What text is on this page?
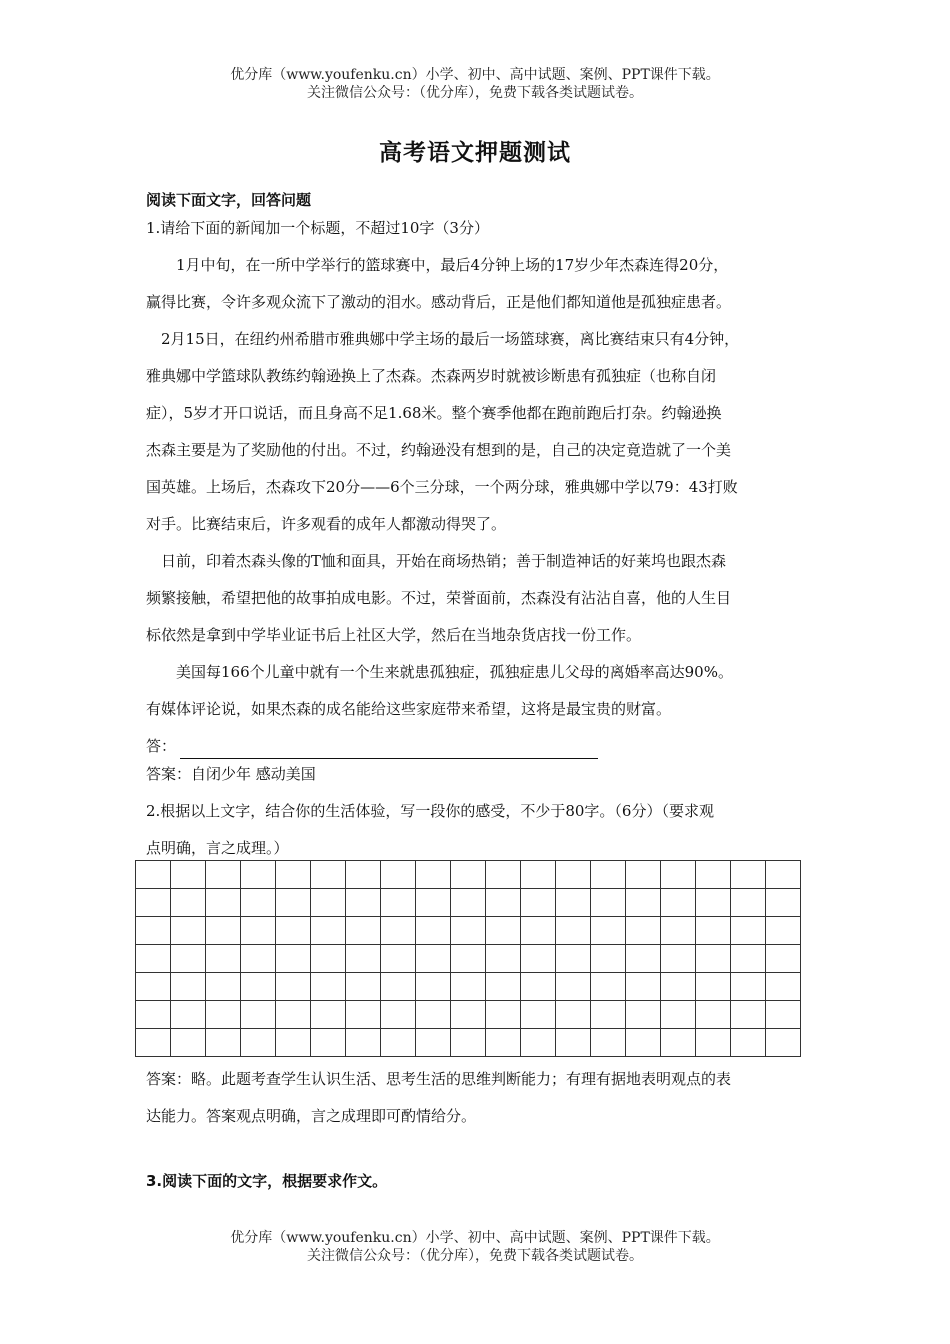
优分库（www.youfenku.cn）小学、初中、高中试题、案例、PPT课件下载。
关注微信公众号：（优分库），免费下载各类试题试卷。
高考语文押题测试
阅读下面文字，回答问题
1.请给下面的新闻加一个标题，不超过10字（3分）
1月中旬，在一所中学举行的篮球赛中，最后4分钟上场的17岁少年杰森连得20分，
赢得比赛，令许多观众流下了激动的泪水。感动背后，正是他们都知道他是孤独症患者。
2月15日，在纽约州希腊市雅典娜中学主场的最后一场篮球赛，离比赛结束只有4分钟，
雅典娜中学篮球队教练约翰逊换上了杰森。杰森两岁时就被诊断患有孤独症（也称自闭
症），5岁才开口说话，而且身高不足1.68米。整个赛季他都在跑前跑后打杂。约翰逊换
杰森主要是为了奖励他的付出。不过，约翰逊没有想到的是，自己的决定竟造就了一个美
国英雄。上场后，杰森攻下20分——6个三分球，一个两分球，雅典娜中学以79：43打败
对手。比赛结束后，许多观看的成年人都激动得哭了。
日前，印着杰森头像的T恤和面具，开始在商场热销；善于制造神话的好莱坞也跟杰森
频繁接触，希望把他的故事拍成电影。不过，荣誉面前，杰森没有沾沾自喜，他的人生目
标依然是拿到中学毕业证书后上社区大学，然后在当地杂货店找一份工作。
美国每166个儿童中就有一个生来就患孤独症，孤独症患儿父母的离婚率高达90%。
有媒体评论说，如果杰森的成名能给这些家庭带来希望，这将是最宝贵的财富。
答：
答案：自闭少年 感动美国
2.根据以上文字，结合你的生活体验，写一段你的感受，不少于80字。（6分）（要求观
点明确，言之成理。）

答案：略。此题考查学生认识生活、思考生活的思维判断能力；有理有据地表明观点的表
达能力。答案观点明确，言之成理即可酌情给分。
3.阅读下面的文字，根据要求作文。
优分库（www.youfenku.cn）小学、初中、高中试题、案例、PPT课件下载。
关注微信公众号：（优分库），免费下载各类试题试卷。
